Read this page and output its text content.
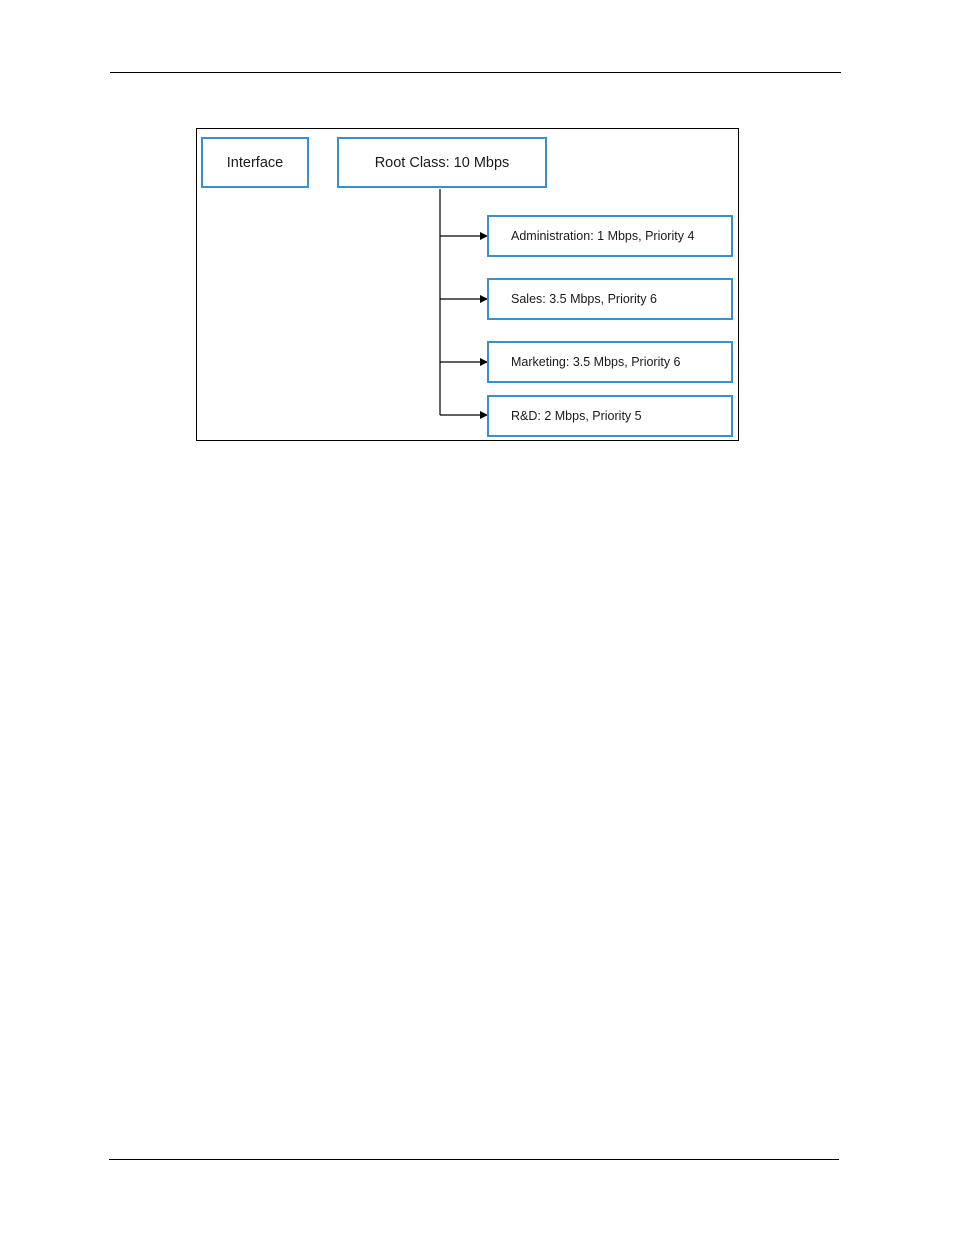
Interface	Root Class: 10 Mbps
Administration: 1 Mbps, Priority 4
Sales: 3.5 Mbps, Priority 6
Marketing: 3.5 Mbps, Priority 6
R&D: 2 Mbps, Priority 5
